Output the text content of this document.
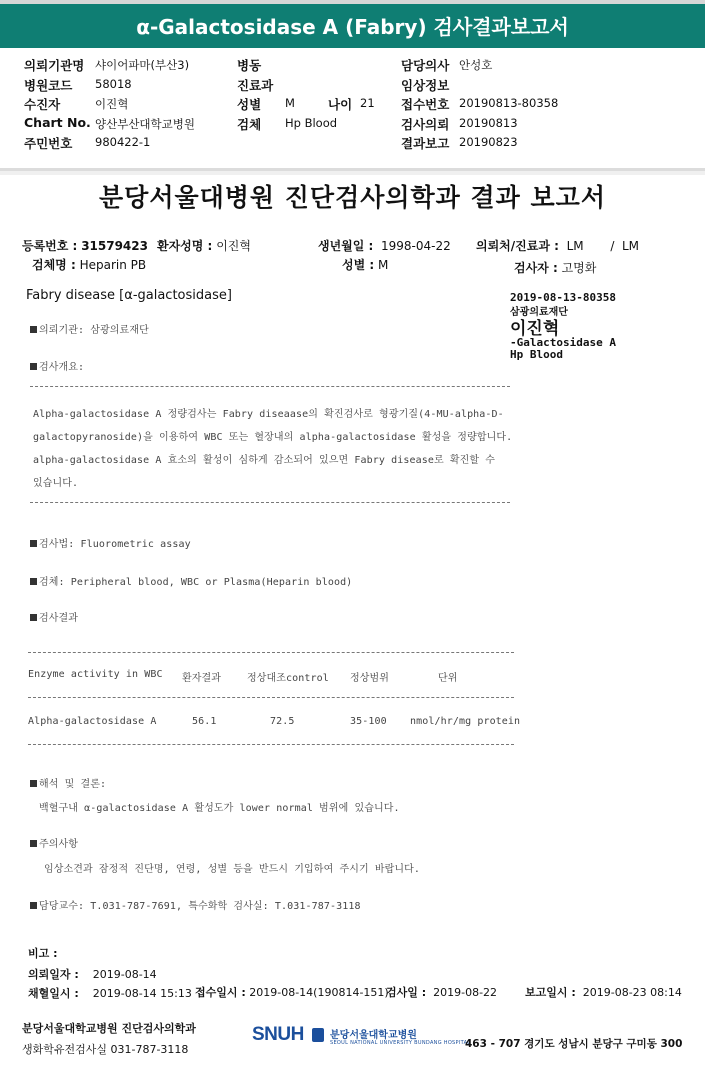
α-Galactosidase A (Fabry) 검사결과보고서
의뢰기관명 샤이어파마(부산3)
병원코드 58018
수진자	이진혁
Chart No. 양산부산대학교병원
주민번호 980422-1
병동
진료과
성별 M	나이 21
검체 Hp Blood
담당의사 안성호
임상정보
접수번호 20190813-80358
검사의뢰 20190813
결과보고 20190823
분당서울대병원 진단검사의학과 결과 보고서
등록번호 : 31579423 환자성명 : 이진혁	생년월일 : 1998-04-22 의뢰처/진료과 : LM / LM
검체명 : Heparin PB	성별 : M	검사자 : 고명화
2019-08-13-80358
삼광의료재단
이진혁
-Galactosidase A
Hp Blood
Fabry disease [α-galactosidase]
의뢰기관: 삼광의료재단
검사개요:
Alpha-galactosidase A 정량검사는 Fabry diseaase의 확진검사로 형광기질(4-MU-alpha-D-
galactopyranoside)을 이용하여 WBC 또는 혈장내의 alpha-galactosidase 활성을 정량합니다.
alpha-galactosidase A 효소의 활성이 심하게 감소되어 있으면 Fabry disease로 확진할 수
있습니다.
검사법: Fluorometric assay
검체: Peripheral blood, WBC or Plasma(Heparin blood)
검사결과
Enzyme activity in WBC 환자결과	정상대조control 정상범위	단위
Alpha-galactosidase A	56.1	72.5	35-100 nmol/hr/mg protein
해석 및 결론:
백혈구내 α-galactosidase A 활성도가 lower normal 범위에 있습니다.
주의사항
임상소견과 잠정적 진단명, 연령, 성별 등을 반드시 기입하여 주시기 바랍니다.
담당교수: T.031-787-7691, 특수화학 검사실: T.031-787-3118
비고 :
의뢰일자 : 2019-08-14
채혈일시 : 2019-08-14 15:13 접수일시 : 2019-08-14(190814-151)
검사일 : 2019-08-22	보고일시 : 2019-08-23 08:14
분당서울대학교병원 진단검사의학과
생화학유전검사실 031-787-3118
SNUH	분당서울대학교병원
SEOUL NATIONAL UNIVERSITY BUNDANG HOSPITAL
463 - 707 경기도 성남시 분당구 구미동 300
